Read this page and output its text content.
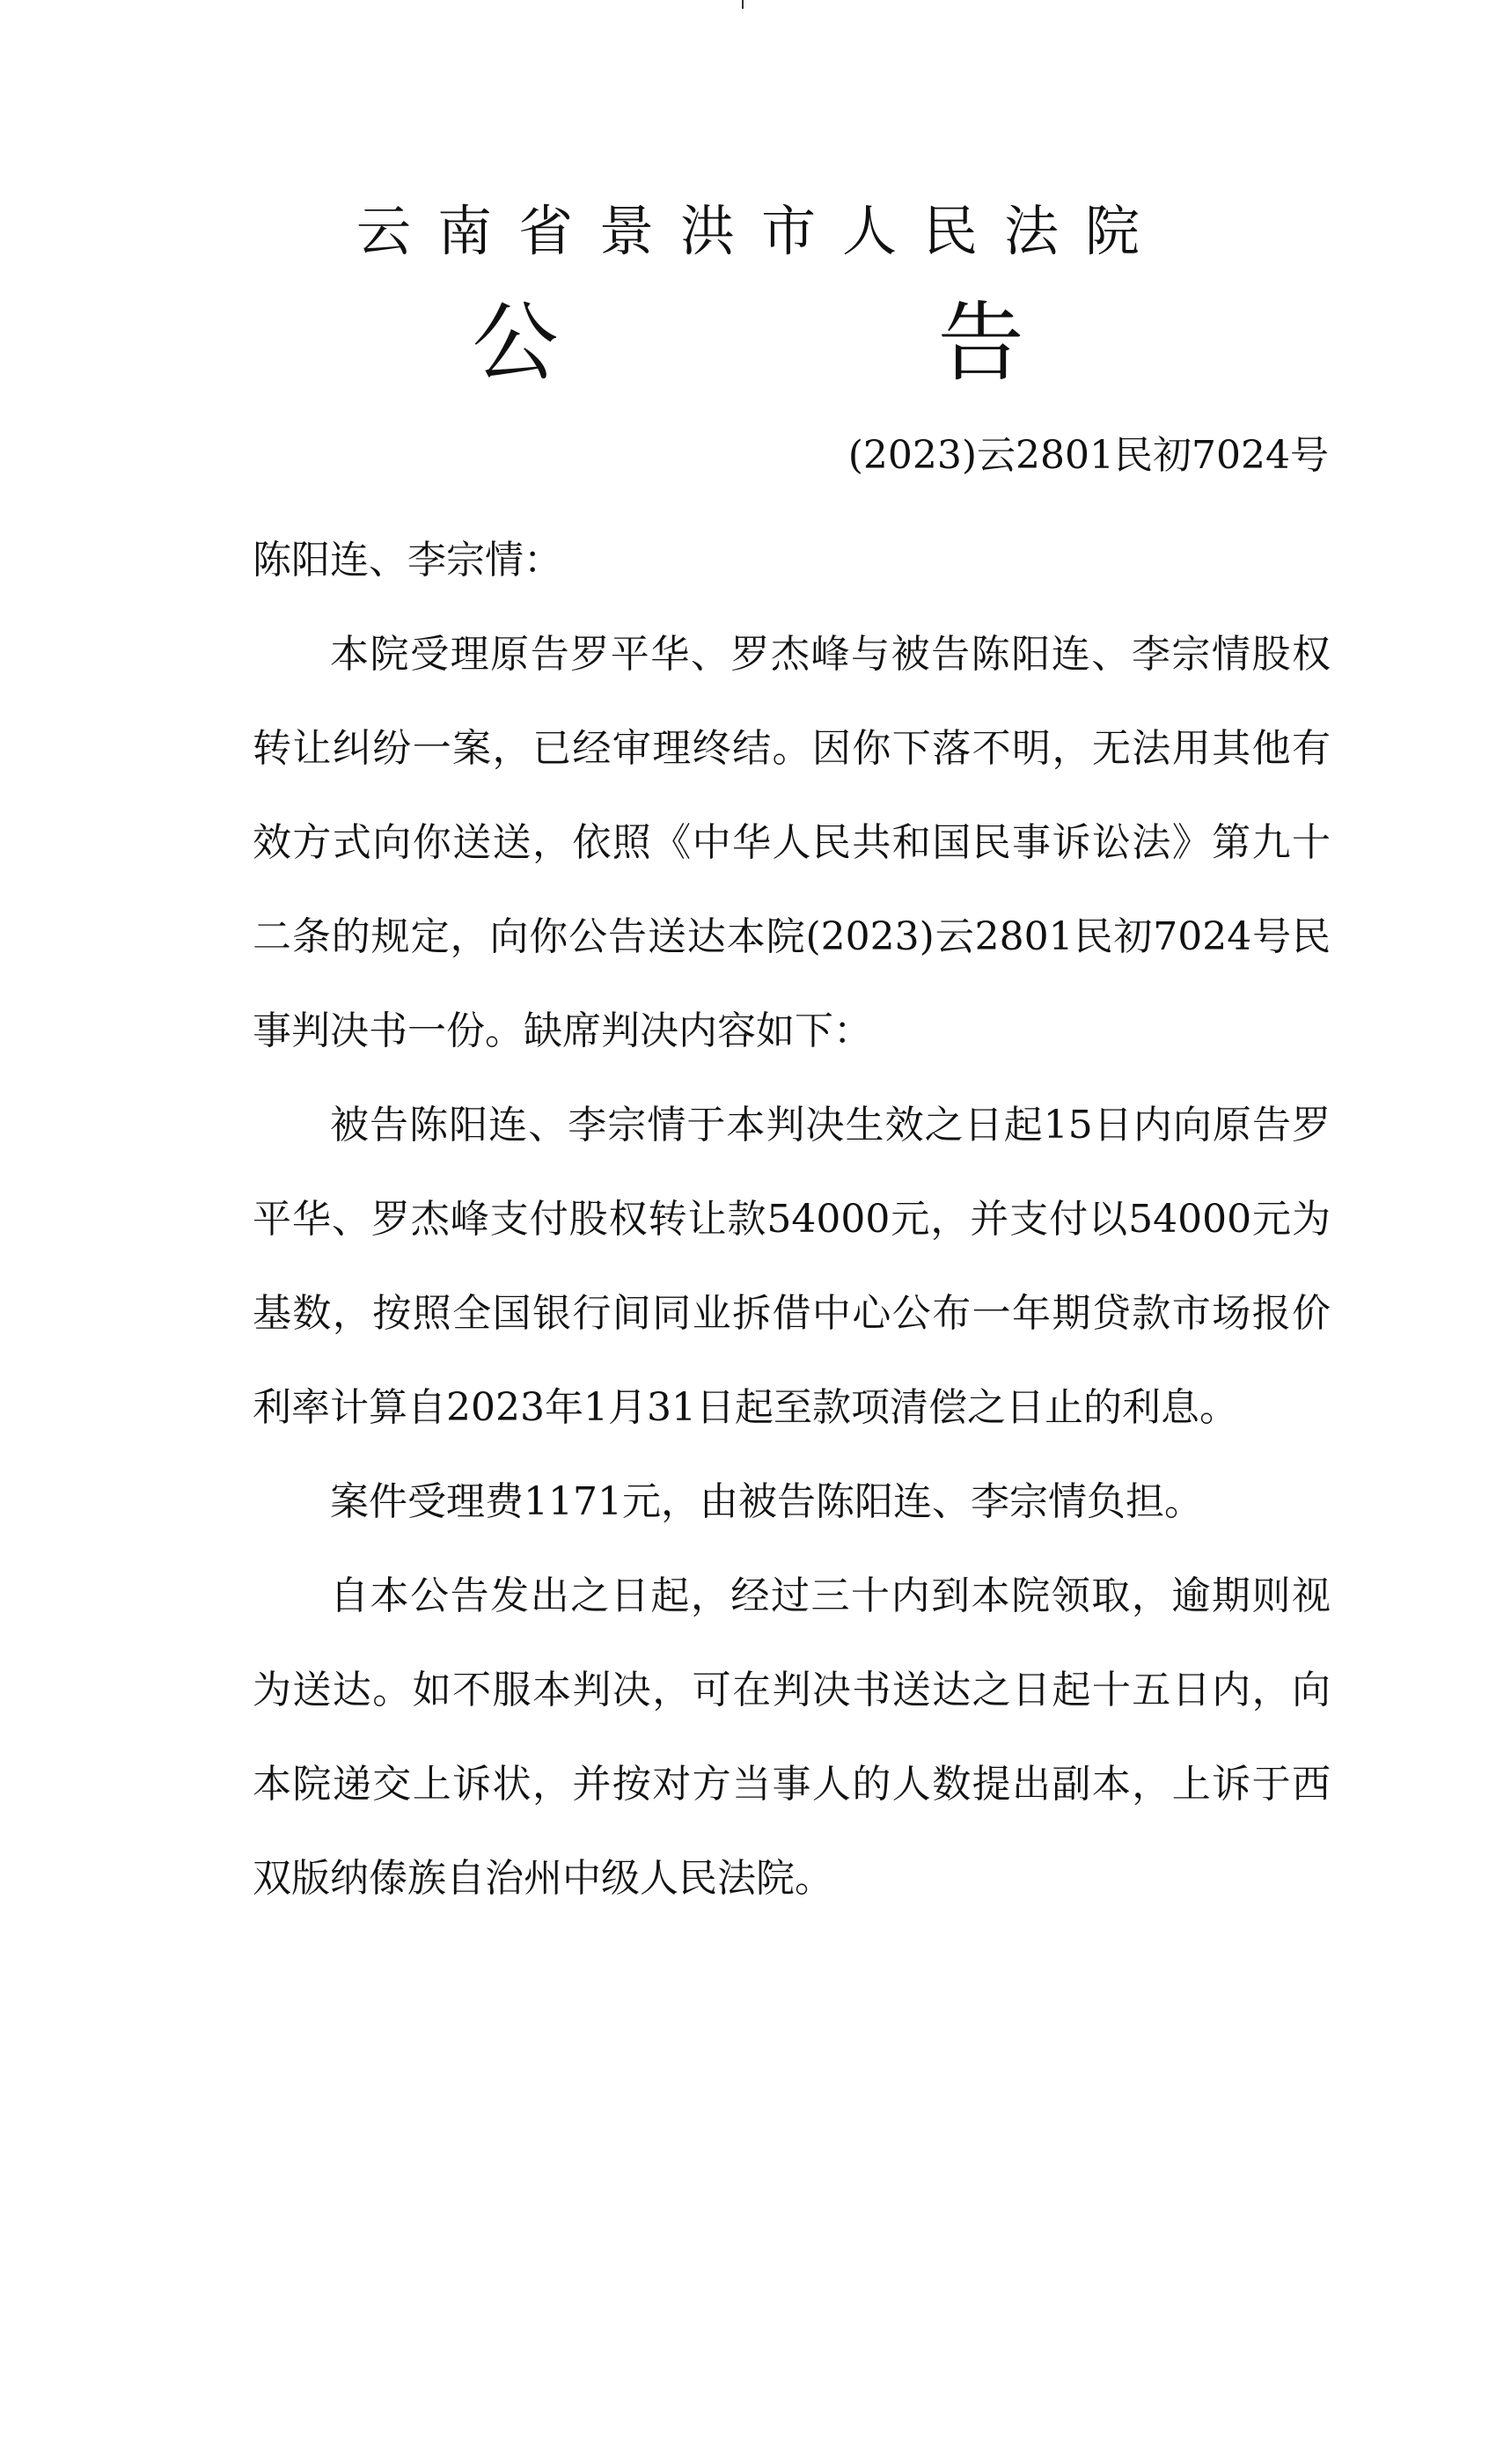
云南省景洪市人民法院
公 告
(2023)云2801民初7024号

陈阳连、李宗情：

本院受理原告罗平华、罗杰峰与被告陈阳连、李宗情股权转让纠纷一案，已经审理终结。因你下落不明，无法用其他有效方式向你送送，依照《中华人民共和国民事诉讼法》第九十二条的规定，向你公告送达本院(2023)云2801民初7024号民事判决书一份。缺席判决内容如下：

被告陈阳连、李宗情于本判决生效之日起15日内向原告罗平华、罗杰峰支付股权转让款54000元，并支付以54000元为基数，按照全国银行间同业拆借中心公布一年期贷款市场报价利率计算自2023年1月31日起至款项清偿之日止的利息。

案件受理费1171元，由被告陈阳连、李宗情负担。

自本公告发出之日起，经过三十内到本院领取，逾期则视为送达。如不服本判决，可在判决书送达之日起十五日内，向本院递交上诉状，并按对方当事人的人数提出副本，上诉于西双版纳傣族自治州中级人民法院。
